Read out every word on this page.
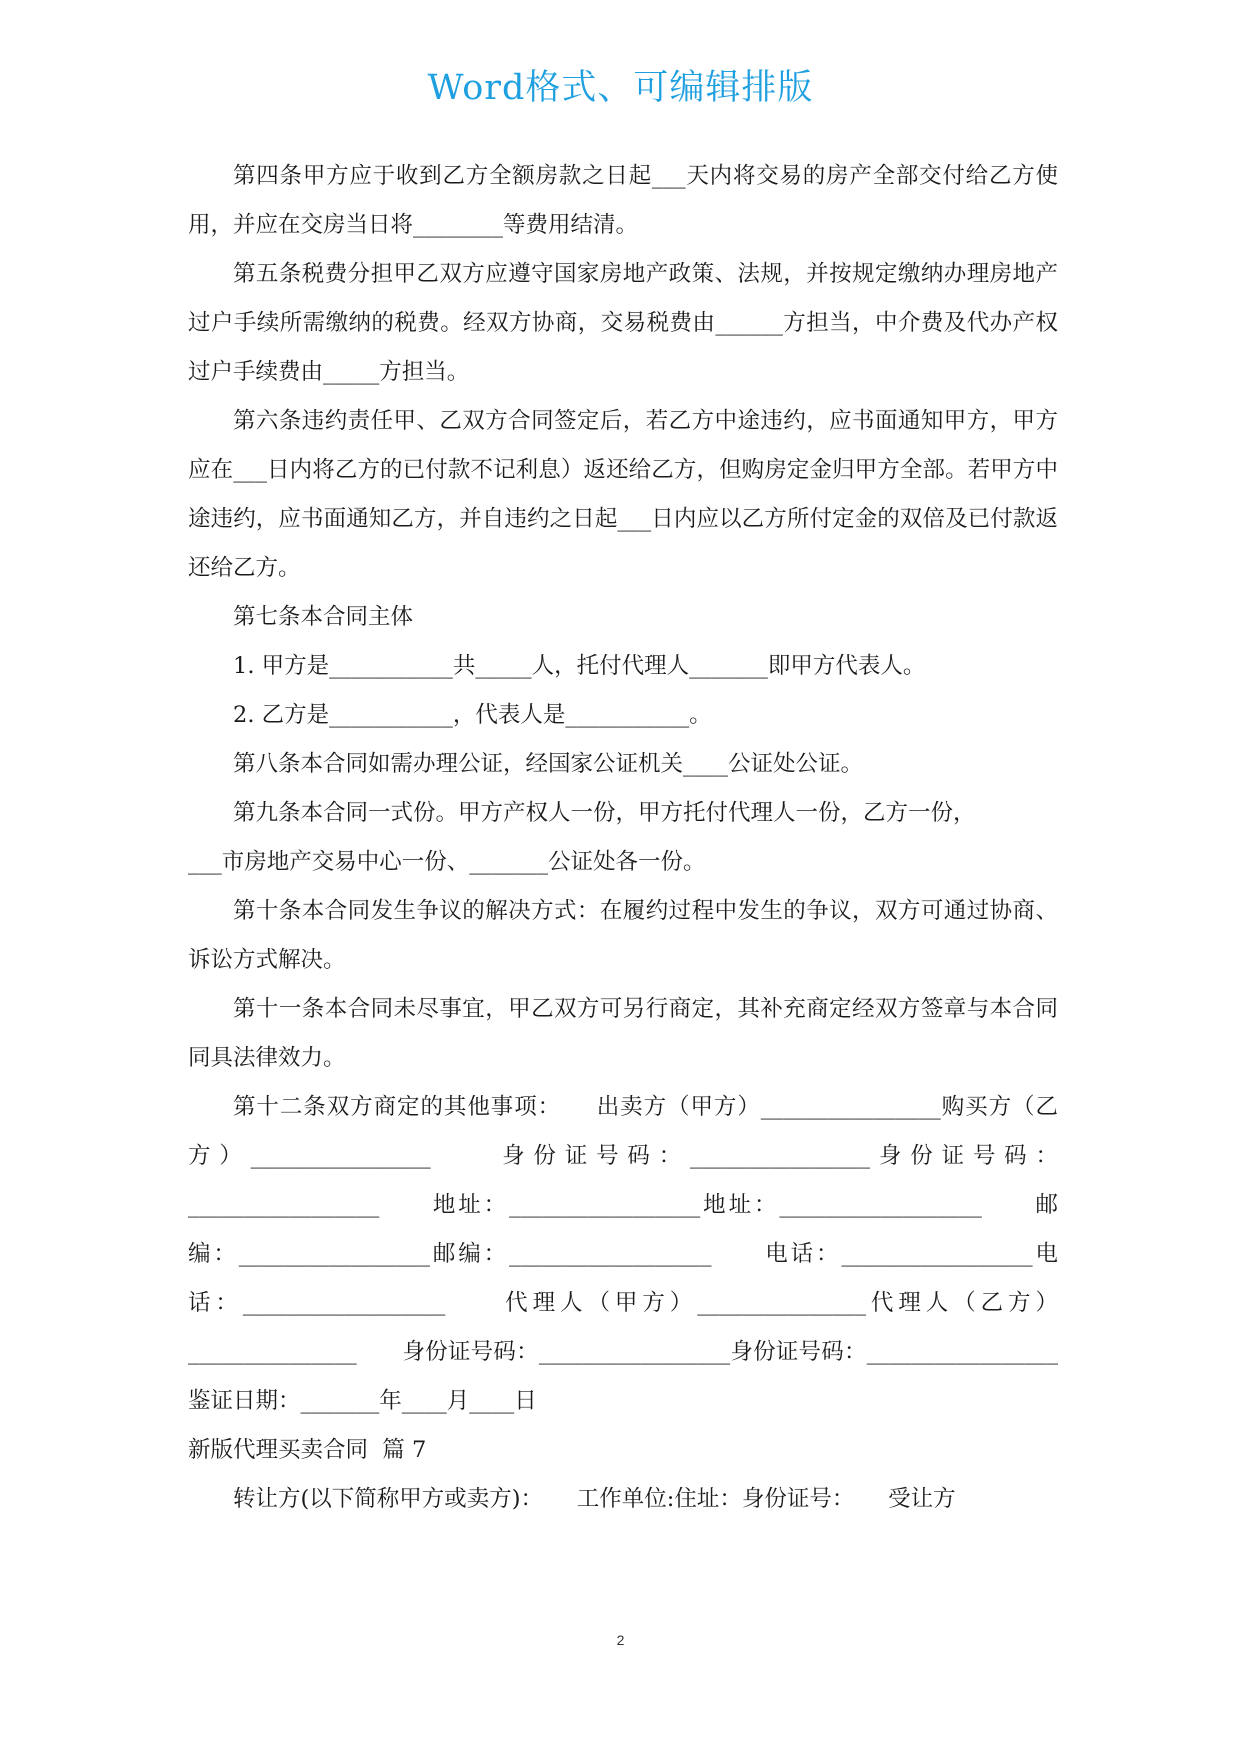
Word格式、可编辑排版

第四条甲方应于收到乙方全额房款之日起___天内将交易的房产全部交付给乙方使用，并应在交房当日将________等费用结清。

第五条税费分担甲乙双方应遵守国家房地产政策、法规，并按规定缴纳办理房地产过户手续所需缴纳的税费。经双方协商，交易税费由______方担当，中介费及代办产权过户手续费由_____方担当。

第六条违约责任甲、乙双方合同签定后，若乙方中途违约，应书面通知甲方，甲方应在___日内将乙方的已付款不记利息）返还给乙方，但购房定金归甲方全部。若甲方中途违约，应书面通知乙方，并自违约之日起___日内应以乙方所付定金的双倍及已付款返还给乙方。

第七条本合同主体

1. 甲方是___________共_____人，托付代理人_______即甲方代表人。

2. 乙方是___________，代表人是___________。

第八条本合同如需办理公证，经国家公证机关____公证处公证。

第九条本合同一式份。甲方产权人一份，甲方托付代理人一份，乙方一份，

___市房地产交易中心一份、_______公证处各一份。

第十条本合同发生争议的解决方式：在履约过程中发生的争议，双方可通过协商、诉讼方式解决。

第十一条本合同未尽事宜，甲乙双方可另行商定，其补充商定经双方签章与本合同同具法律效力。

第十二条双方商定的其他事项：　　出卖方（甲方）________________购买方（乙方）________________　　身份证号码：________________身份证号码：_________________　　地址：_________________地址：__________________　　邮编：_________________邮编：__________________　　电话：_________________电话：__________________　　代理人（甲方）_______________代理人（乙方）_______________　　身份证号码：_________________身份证号码：_________________　　鉴证日期：_______年____月____日

新版代理买卖合同  篇 7

转让方(以下简称甲方或卖方)：　　工作单位:住址：身份证号：　　受让方

2
